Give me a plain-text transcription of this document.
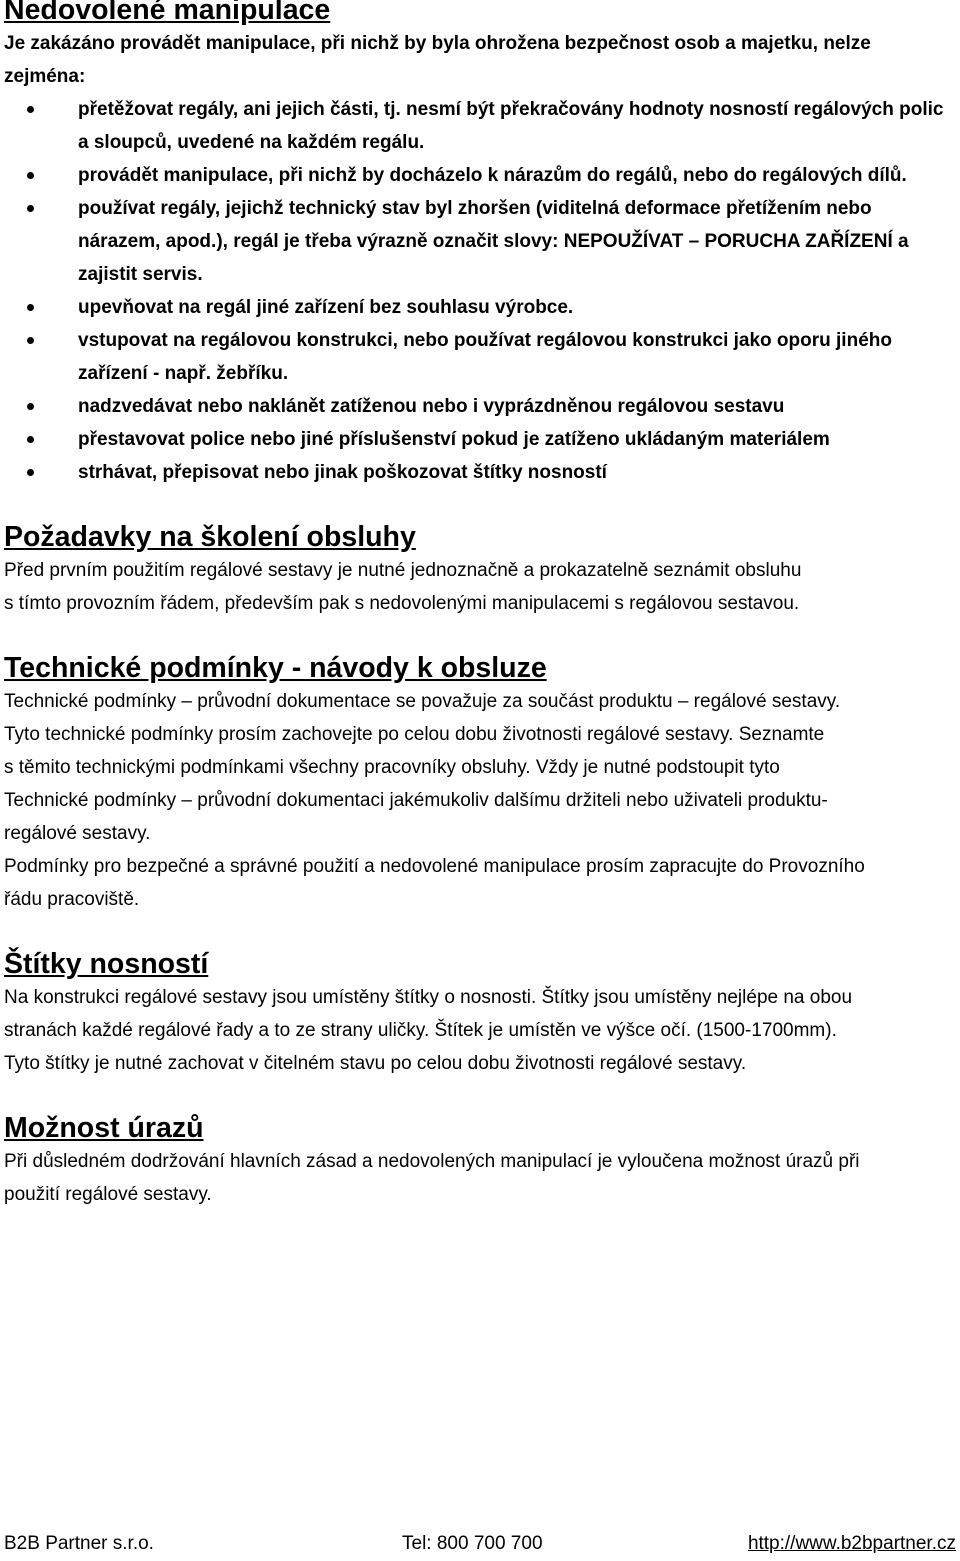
Nedovolené manipulace

Je zakázáno provádět manipulace, při nichž by byla ohrožena bezpečnost osob a majetku, nelze zejména:

přetěžovat regály, ani jejich části, tj. nesmí být překračovány hodnoty nosností regálových polic a sloupců, uvedené na každém regálu.
provádět manipulace, při nichž by docházelo k nárazům do regálů, nebo do regálových dílů.
používat regály, jejichž technický stav byl zhoršen (viditelná deformace přetížením nebo nárazem, apod.), regál je třeba výrazně označit slovy: NEPOUŽÍVAT – PORUCHA ZAŘÍZENÍ a zajistit servis.
upevňovat na regál jiné zařízení bez souhlasu výrobce.
vstupovat na regálovou konstrukci, nebo používat regálovou konstrukci jako oporu jiného zařízení - např. žebříku.
nadzvedávat nebo naklánět zatíženou nebo i vyprázdněnou regálovou sestavu
přestavovat police nebo jiné příslušenství pokud je zatíženo ukládaným materiálem
strhávat, přepisovat nebo jinak poškozovat štítky nosností
Požadavky na školení obsluhy

Před prvním použitím regálové sestavy je nutné jednoznačně a prokazatelně seznámit obsluhu

s tímto provozním řádem, především pak s nedovolenými manipulacemi s regálovou sestavou.

Technické podmínky - návody k obsluze

Technické podmínky – průvodní dokumentace se považuje za součást produktu – regálové sestavy.

Tyto technické podmínky prosím zachovejte po celou dobu životnosti regálové sestavy. Seznamte

s těmito technickými podmínkami všechny pracovníky obsluhy. Vždy je nutné podstoupit tyto

Technické podmínky – průvodní dokumentaci jakémukoliv dalšímu držiteli nebo uživateli produktu-

regálové sestavy.

Podmínky pro bezpečné a správné použití a nedovolené manipulace prosím zapracujte do Provozního

řádu pracoviště.

Štítky nosností

Na konstrukci regálové sestavy jsou umístěny štítky o nosnosti. Štítky jsou umístěny nejlépe na obou

stranách každé regálové řady a to ze strany uličky. Štítek je umístěn ve výšce očí. (1500-1700mm).

Tyto štítky je nutné zachovat v čitelném stavu po celou dobu životnosti regálové sestavy.

Možnost úrazů

Při důsledném dodržování hlavních zásad a nedovolených manipulací je vyloučena možnost úrazů při

použití regálové sestavy.

B2B Partner s.r.o.	Tel: 800 700 700	http://www.b2bpartner.cz
